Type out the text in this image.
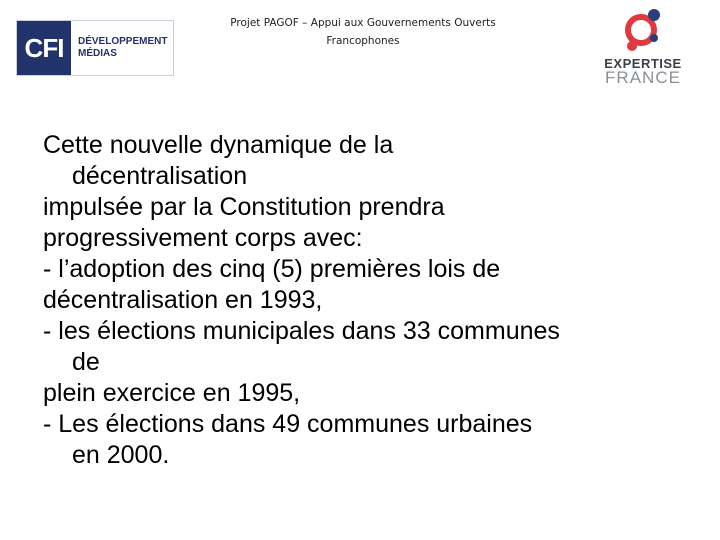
CFI	DÉVELOPPEMENT
MÉDIAS
Projet PAGOF – Appui aux Gouvernements Ouverts
Francophones
EXPERTISE
FRANCE
Cette nouvelle dynamique de la
décentralisation
impulsée par la Constitution prendra
progressivement corps avec:
- l’adoption des cinq (5) premières lois de
décentralisation en 1993,
- les élections municipales dans 33 communes
de
plein exercice en 1995,
- Les élections dans 49 communes urbaines
en 2000.
